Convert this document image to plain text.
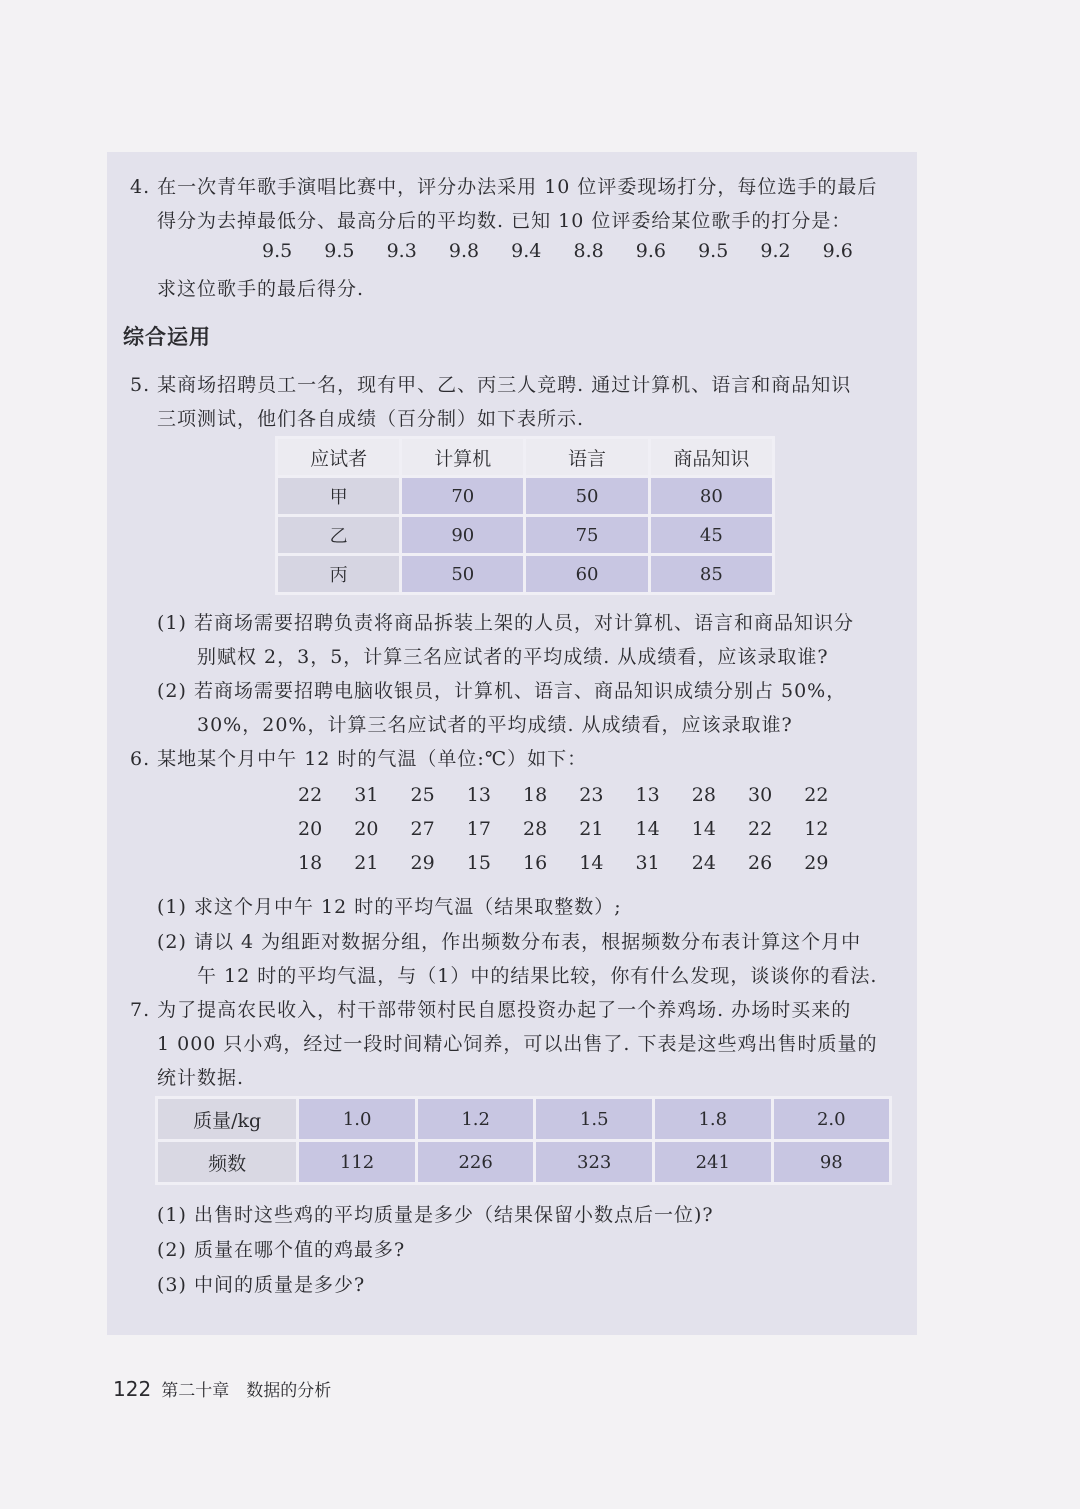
4. 在一次青年歌手演唱比赛中，评分办法采用 10 位评委现场打分，每位选手的最后
得分为去掉最低分、最高分后的平均数. 已知 10 位评委给某位歌手的打分是：
9.5  9.5  9.3  9.8  9.4  8.8  9.6  9.5  9.2  9.6
求这位歌手的最后得分.
综合运用
5. 某商场招聘员工一名，现有甲、乙、丙三人竞聘. 通过计算机、语言和商品知识
三项测试，他们各自成绩（百分制）如下表所示.
应试者	计算机	语言	商品知识
甲	70	50	80
乙	90	75	45
丙	50	60	85
(1) 若商场需要招聘负责将商品拆装上架的人员，对计算机、语言和商品知识分
别赋权 2，3，5，计算三名应试者的平均成绩. 从成绩看，应该录取谁?
(2) 若商场需要招聘电脑收银员，计算机、语言、商品知识成绩分别占 50%，
30%，20%，计算三名应试者的平均成绩. 从成绩看，应该录取谁?
6. 某地某个月中午 12 时的气温（单位:℃）如下：
22  31  25  13  18  23  13  28  30  22
20  20  27  17  28  21  14  14  22  12
18  21  29  15  16  14  31  24  26  29
(1) 求这个月中午 12 时的平均气温（结果取整数）;
(2) 请以 4 为组距对数据分组，作出频数分布表，根据频数分布表计算这个月中
午 12 时的平均气温，与（1）中的结果比较，你有什么发现，谈谈你的看法.
7. 为了提高农民收入，村干部带领村民自愿投资办起了一个养鸡场. 办场时买来的
1 000 只小鸡，经过一段时间精心饲养，可以出售了. 下表是这些鸡出售时质量的
统计数据.
质量/kg	1.0	1.2	1.5	1.8	2.0
频数	112	226	323	241	98
(1) 出售时这些鸡的平均质量是多少（结果保留小数点后一位)?
(2) 质量在哪个值的鸡最多?
(3) 中间的质量是多少?
122 第二十章　数据的分析
